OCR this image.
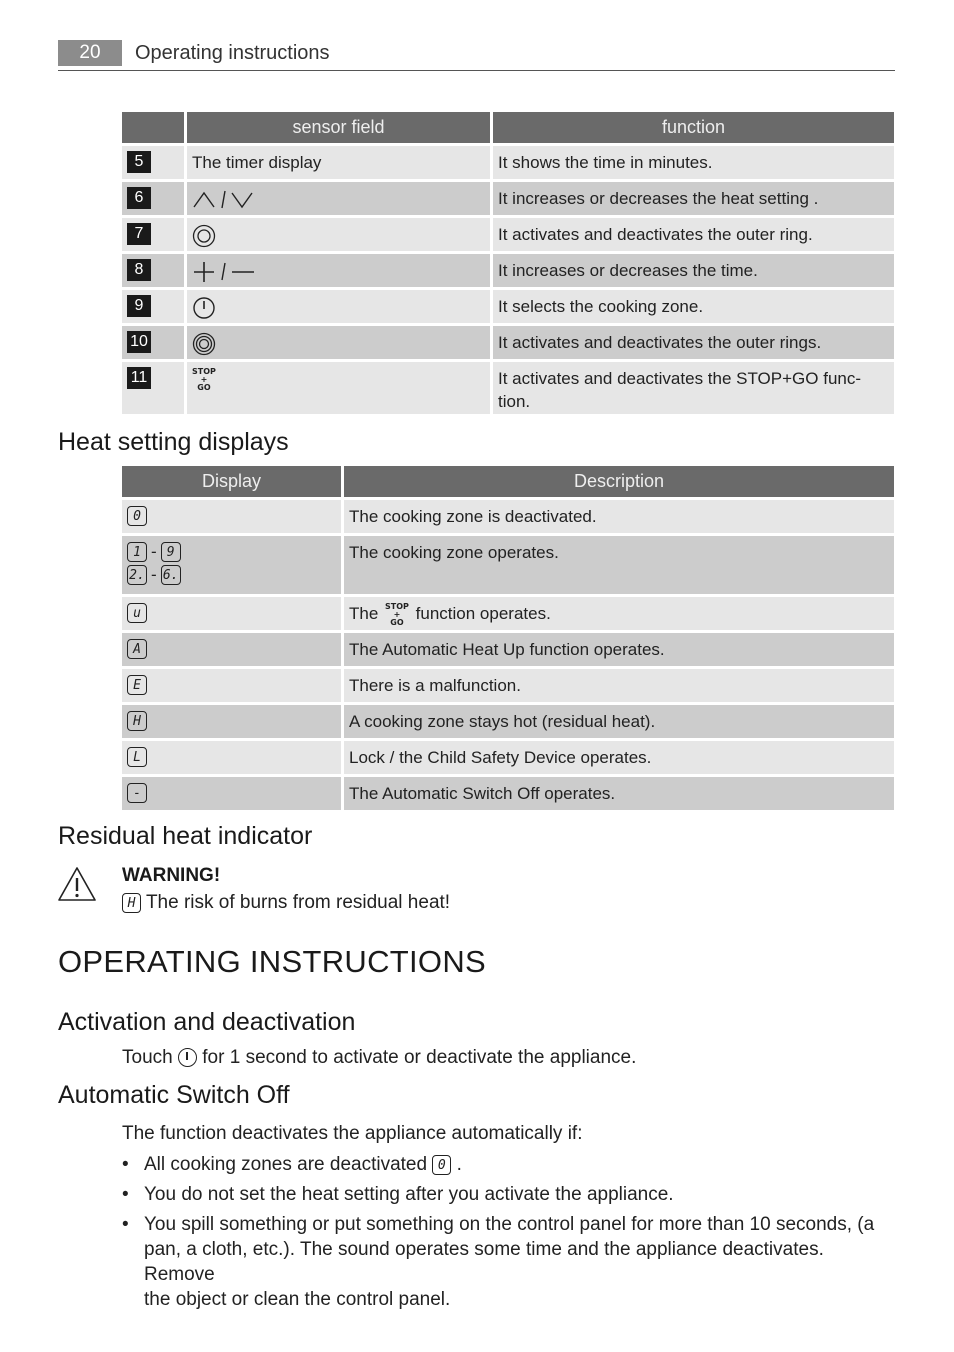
20	Operating instructions
	sensor field	function
5	The timer display	It shows the time in minutes.

6		It increases or decreases the heat setting .

7		It activates and deactivates the outer ring.

8		It increases or decreases the time.

9		It selects the cooking zone.

10		It activates and deactivates the outer rings.

11	STOP
+
GO	It activates and deactivates the STOP+GO func-
tion.
Heat setting displays
Display	Description

0	The cooking zone is deactivated.

1 - 9
2. - 6.	The cooking zone operates.

u	The STOP
+
GO function operates.

A	The Automatic Heat Up function operates.

E	There is a malfunction.

H	A cooking zone stays hot (residual heat).

L	Lock / the Child Safety Device operates.

-	The Automatic Switch Off operates.
Residual heat indicator
WARNING!
H The risk of burns from residual heat!
OPERATING INSTRUCTIONS
Activation and deactivation
Touch for 1 second to activate or deactivate the appliance.
Automatic Switch Off
The function deactivates the appliance automatically if:
• All cooking zones are deactivated 0 .
• You do not set the heat setting after you activate the appliance.
• You spill something or put something on the control panel for more than 10 seconds, (a
pan, a cloth, etc.). The sound operates some time and the appliance deactivates. Remove
the object or clean the control panel.
